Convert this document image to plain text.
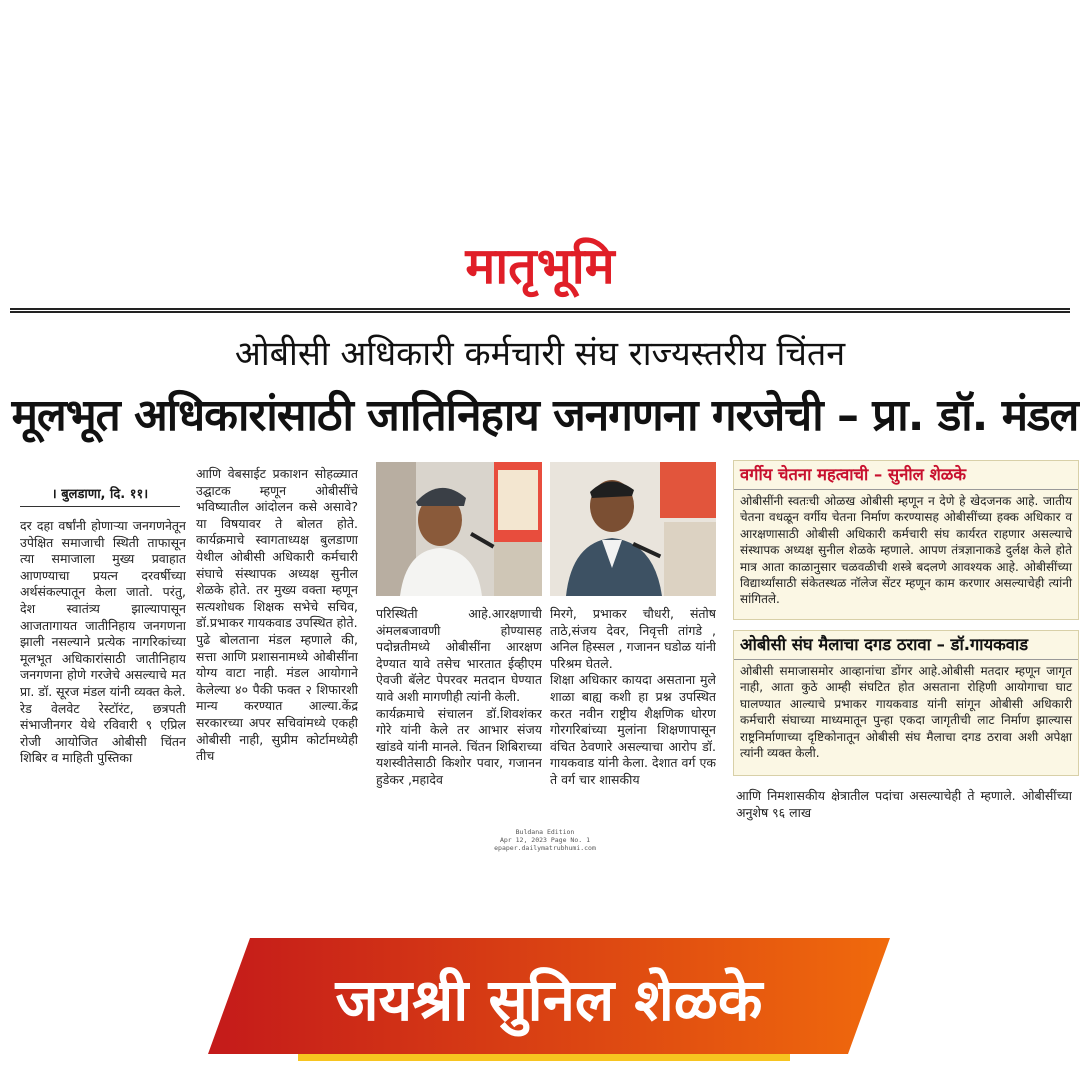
मातृभूमि
ओबीसी अधिकारी कर्मचारी संघ राज्यस्तरीय चिंतन
मूलभूत अधिकारांसाठी जातिनिहाय जनगणना गरजेची – प्रा. डॉ. मंडल
। बुलडाणा, दि. ११।
दर दहा वर्षांनी होणाऱ्या जनगणनेतून उपेक्षित समाजाची स्थिती ताफासून त्या समाजाला मुख्य प्रवाहात आणण्याचा प्रयत्न दरवर्षीच्या अर्थसंकल्पातून केला जातो. परंतु, देश स्वातंत्र्य झाल्यापासून आजतागायत जातीनिहाय जनगणना झाली नसल्याने प्रत्येक नागरिकांच्या मूलभूत अधिकारांसाठी जातीनिहाय जनगणना होणे गरजेचे असल्याचे मत प्रा. डॉ. सूरज मंडल यांनी व्यक्त केले.
रेड वेलवेट रेस्टॉरंट, छत्रपती संभाजीनगर येथे रविवारी ९ एप्रिल रोजी आयोजित ओबीसी चिंतन शिबिर व माहिती पुस्तिका
आणि वेबसाईट प्रकाशन सोहळ्यात उद्घाटक म्हणून ओबीसींचे भविष्यातील आंदोलन कसे असावे? या विषयावर ते बोलत होते. कार्यक्रमाचे स्वागताध्यक्ष बुलडाणा येथील ओबीसी अधिकारी कर्मचारी संघाचे संस्थापक अध्यक्ष सुनील शेळके होते. तर मुख्य वक्ता म्हणून सत्यशोधक शिक्षक सभेचे सचिव, डॉ.प्रभाकर गायकवाड उपस्थित होते.
पुढे बोलताना मंडल म्हणाले की, सत्ता आणि प्रशासनामध्ये ओबीसींना योग्य वाटा नाही. मंडल आयोगाने केलेल्या ४० पैकी फक्त २ शिफारशी मान्य करण्यात आल्या.केंद्र सरकारच्या अपर सचिवांमध्ये एकही ओबीसी नाही, सुप्रीम कोर्टामध्येही तीच
परिस्थिती आहे.आरक्षणाची अंमलबजावणी होण्यासह पदोन्नतीमध्ये ओबीसींना आरक्षण देण्यात यावे तसेच भारतात ईव्हीएम ऐवजी बॅलेट पेपरवर मतदान घेण्यात यावे अशी मागणीही त्यांनी केली.
कार्यक्रमाचे संचालन डॉ.शिवशंकर गोरे यांनी केले तर आभार संजय खांडवे यांनी मानले. चिंतन शिबिराच्या यशस्वीतेसाठी किशोर पवार, गजानन हुडेकर ,महादेव
मिरगे, प्रभाकर चौधरी, संतोष ताठे,संजय देवर, निवृत्ती तांगडे , अनिल हिस्सल , गजानन घडोळ यांनी परिश्रम घेतले.
शिक्षा अधिकार कायदा असताना मुले शाळा बाह्य कशी हा प्रश्न उपस्थित करत नवीन राष्ट्रीय शैक्षणिक धोरण गोरगरिबांच्या मुलांना शिक्षणापासून वंचित ठेवणारे असल्याचा आरोप डॉ. गायकवाड यांनी केला. देशात वर्ग एक ते वर्ग चार शासकीय
वर्गीय चेतना महत्वाची – सुनील शेळके
ओबीसींनी स्वतःची ओळख ओबीसी म्हणून न देणे हे खेदजनक आहे. जातीय चेतना वधळून वर्गीय चेतना निर्माण करण्यासह ओबीसींच्या हक्क अधिकार व आरक्षणासाठी ओबीसी अधिकारी कर्मचारी संघ कार्यरत राहणार असल्याचे संस्थापक अध्यक्ष सुनील शेळके म्हणाले. आपण तंत्रज्ञानाकडे दुर्लक्ष केले होते मात्र आता काळानुसार चळवळीची शस्त्रे बदलणे आवश्यक आहे. ओबीसींच्या विद्यार्थ्यांसाठी संकेतस्थळ नॉलेज सेंटर म्हणून काम करणार असल्याचेही त्यांनी सांगितले.
ओबीसी संघ मैलाचा दगड ठरावा – डॉ.गायकवाड
ओबीसी समाजासमोर आव्हानांचा डोंगर आहे.ओबीसी मतदार म्हणून जागृत नाही, आता कुठे आम्ही संघटित होत असताना रोहिणी आयोगाचा घाट घालण्यात आल्याचे प्रभाकर गायकवाड यांनी सांगून ओबीसी अधिकारी कर्मचारी संघाच्या माध्यमातून पुन्हा एकदा जागृतीची लाट निर्माण झाल्यास राष्ट्रनिर्माणाच्या दृष्टिकोनातून ओबीसी संघ मैलाचा दगड ठरावा अशी अपेक्षा त्यांनी व्यक्त केली.
आणि निमशासकीय क्षेत्रातील पदांचा असल्याचेही ते म्हणाले. ओबीसींच्या अनुशेष ९६ लाख
Buldana Edition
Apr 12, 2023 Page No. 1
epaper.dailymatrubhumi.com
जयश्री सुनिल शेळके
